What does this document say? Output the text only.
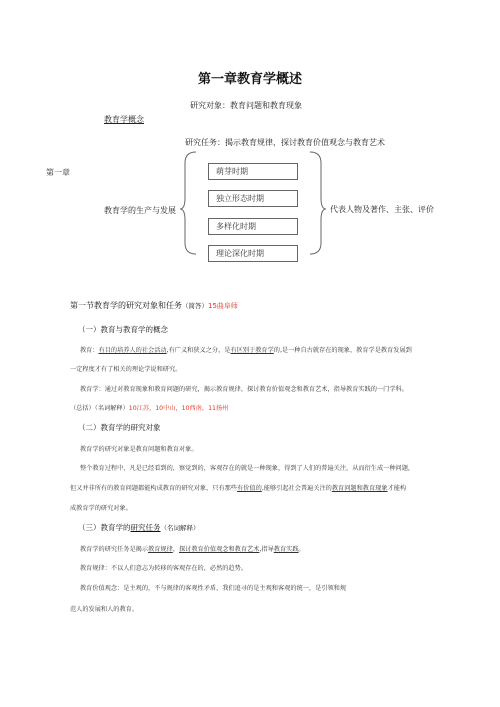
第一章教育学概述
研究对象：教育问题和教育现象
教育学概念
研究任务：揭示教育规律，探讨教育价值观念与教育艺术
第一章
教育学的生产与发展
萌芽时期
独立形态时期
多样化时期
理论深化时期
代表人物及著作、主张、评价
第一节教育学的研究对象和任务（简答）15曲阜师
（一）教育与教育学的概念
教育：有目的培养人的社会活动,有广义和狭义之分，是有区别于教育学的,是一种自古就存在的现象，教育学是教育发展到
一定程度才有了相关的理论学说和研究。
教育学：通过对教育现象和教育问题的研究，揭示教育规律，探讨教育价值观念和教育艺术，指导教育实践的一门学科。
（总括）（名词解释）10江苏，10中山，10西南，11扬州
（二）教育学的研究对象
教育学的研究对象是教育问题和教育对象。
整个教育过程中，凡是已经看到的，察觉到的，客观存在的就是一种现象，得到了人们的普遍关注，从而衍生成一种问题，
但又并非所有的教育问题都能构成教育的研究对象，只有那些有价值的,能够引起社会普遍关注的教育问题和教育现象才能构
成教育学的研究对象。
（三）教育学的研究任务（名词解释）
教育学的研究任务是揭示教育规律，探讨教育价值观念和教育艺术,指导教育实践。
教育规律：不以人们意志为转移的客观存在的，必然的趋势。
教育价值观念：是主观的，不与规律的客观性矛盾，我们追寻的是主观和客观的统一，是引领和规
范人的发展和人的教育。
